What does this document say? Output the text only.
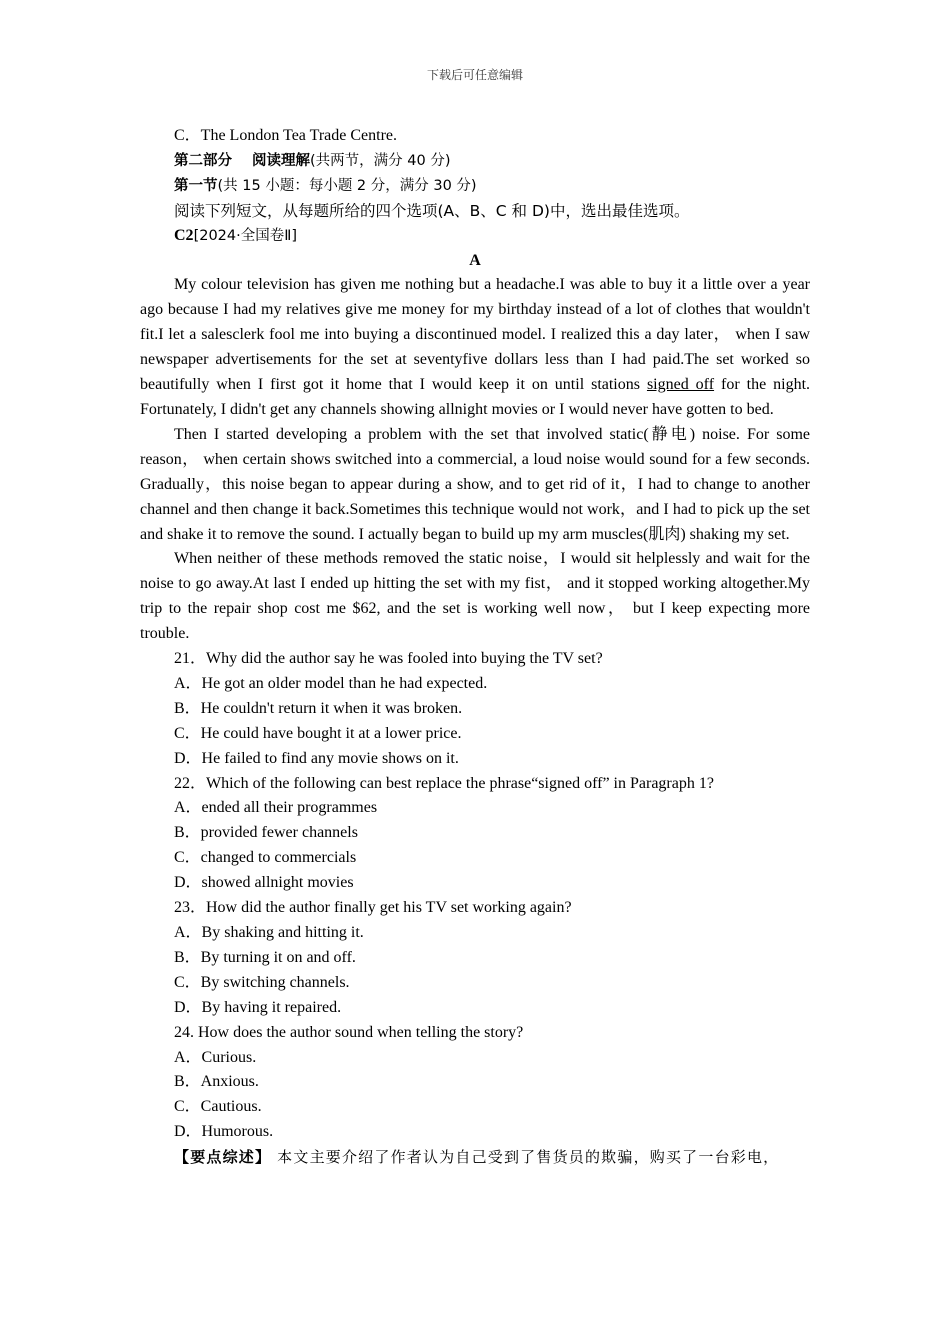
下载后可任意编辑

C．The London Tea Trade Centre.

第二部分 阅读理解(共两节，满分 40 分)

第一节(共 15 小题：每小题 2 分，满分 30 分)

阅读下列短文，从每题所给的四个选项(A、B、C 和 D)中，选出最佳选项。

C2[2024·全国卷Ⅱ]

A

My colour television has given me nothing but a headache.I was able to buy it a little over a year ago because I had my relatives give me money for my birthday instead of a lot of clothes that wouldn't fit.I let a salesclerk fool me into buying a discontinued model. I realized this a day later， when I saw newspaper advertisements for the set at seventyfive dollars less than I had paid.The set worked so beautifully when I first got it home that I would keep it on until stations signed off for the night. Fortunately, I didn't get any channels showing allnight movies or I would never have gotten to bed.

Then I started developing a problem with the set that involved static(静电) noise. For some reason， when certain shows switched into a commercial, a loud noise would sound for a few seconds. Gradually，this noise began to appear during a show, and to get rid of it，I had to change to another channel and then change it back.Sometimes this technique would not work，and I had to pick up the set and shake it to remove the sound. I actually began to build up my arm muscles(肌肉) shaking my set.

When neither of these methods removed the static noise，I would sit helplessly and wait for the noise to go away.At last I ended up hitting the set with my fist， and it stopped working altogether.My trip to the repair shop cost me $62, and the set is working well now， but I keep expecting more trouble.

21．Why did the author say he was fooled into buying the TV set?

A．He got an older model than he had expected.

B．He couldn't return it when it was broken.

C．He could have bought it at a lower price.

D．He failed to find any movie shows on it.

22．Which of the following can best replace the phrase“signed off” in Paragraph 1?

A．ended all their programmes

B．provided fewer channels

C．changed to commercials

D．showed allnight movies

23．How did the author finally get his TV set working again?

A．By shaking and hitting it.

B．By turning it on and off.

C．By switching channels.

D．By having it repaired.

24. How does the author sound when telling the story?

A．Curious.

B．Anxious.

C．Cautious.

D．Humorous.

【要点综述】 本文主要介绍了作者认为自己受到了售货员的欺骗，购买了一台彩电，
